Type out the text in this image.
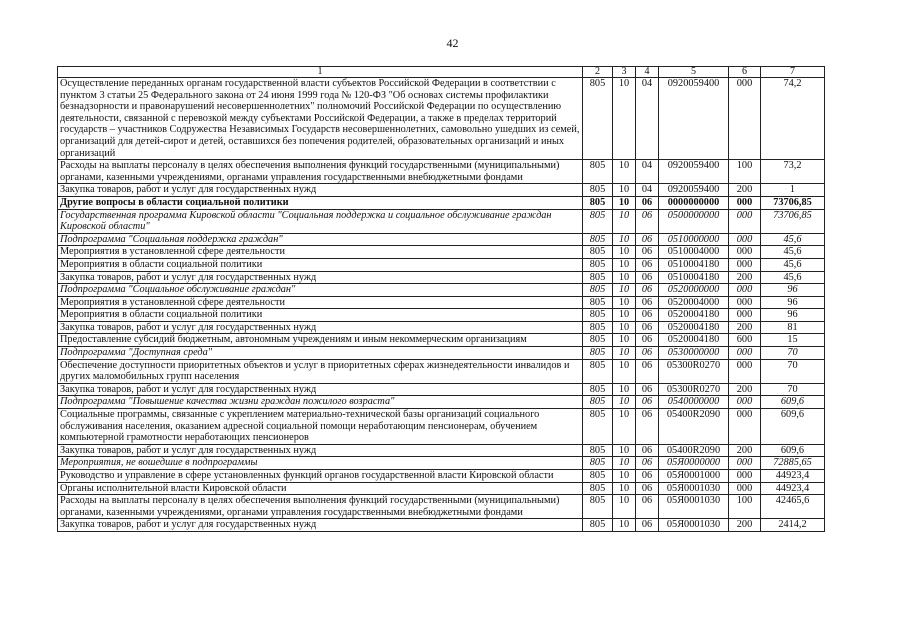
42
1	2	3	4	5	6	7
Осуществление переданных органам государственной власти субъектов Российской Федерации в соответствии с пунктом 3 статьи 25 Федерального закона от 24 июня 1999 года № 120-ФЗ "Об основах системы профилактики безнадзорности и правонарушений несовершеннолетних" полномочий Российской Федерации по осуществлению деятельности, связанной с перевозкой между субъектами Российской Федерации, а также в пределах территорий государств – участников Содружества Независимых Государств несовершеннолетних, самовольно ушедших из семей, организаций для детей-сирот и детей, оставшихся без попечения родителей, образовательных организаций и иных организаций	805	10	04	0920059400	000	74,2
Расходы на выплаты персоналу в целях обеспечения выполнения функций государственными (муниципальными) органами, казенными учреждениями, органами управления государственными внебюджетными фондами	805	10	04	0920059400	100	73,2
Закупка товаров, работ и услуг для государственных нужд	805	10	04	0920059400	200	1
Другие вопросы в области социальной политики	805	10	06	0000000000	000	73706,85
Государственная программа Кировской области "Социальная поддержка и социальное обслуживание граждан Кировской области"	805	10	06	0500000000	000	73706,85
Подпрограмма "Социальная поддержка граждан"	805	10	06	0510000000	000	45,6
Мероприятия в установленной сфере деятельности	805	10	06	0510004000	000	45,6
Мероприятия в области социальной политики	805	10	06	0510004180	000	45,6
Закупка товаров, работ и услуг для государственных нужд	805	10	06	0510004180	200	45,6
Подпрограмма "Социальное обслуживание граждан"	805	10	06	0520000000	000	96
Мероприятия в установленной сфере деятельности	805	10	06	0520004000	000	96
Мероприятия в области социальной политики	805	10	06	0520004180	000	96
Закупка товаров, работ и услуг для государственных нужд	805	10	06	0520004180	200	81
Предоставление субсидий бюджетным, автономным учреждениям и иным некоммерческим организациям	805	10	06	0520004180	600	15
Подпрограмма "Доступная среда"	805	10	06	0530000000	000	70
Обеспечение доступности приоритетных объектов и услуг в приоритетных сферах жизнедеятельности инвалидов и других маломобильных групп населения	805	10	06	05300R0270	000	70
Закупка товаров, работ и услуг для государственных нужд	805	10	06	05300R0270	200	70
Подпрограмма "Повышение качества жизни граждан пожилого возраста"	805	10	06	0540000000	000	609,6
Социальные программы, связанные с укреплением материально-технической базы организаций социального обслуживания населения, оказанием адресной социальной помощи неработающим пенсионерам, обучением компьютерной грамотности неработающих пенсионеров	805	10	06	05400R2090	000	609,6
Закупка товаров, работ и услуг для государственных нужд	805	10	06	05400R2090	200	609,6
Мероприятия, не вошедшие в подпрограммы	805	10	06	05Я0000000	000	72885,65
Руководство и управление в сфере установленных функций органов государственной власти Кировской области	805	10	06	05Я0001000	000	44923,4
Органы исполнительной власти Кировской области	805	10	06	05Я0001030	000	44923,4
Расходы на выплаты персоналу в целях обеспечения выполнения функций государственными (муниципальными) органами, казенными учреждениями, органами управления государственными внебюджетными фондами	805	10	06	05Я0001030	100	42465,6
Закупка товаров, работ и услуг для государственных нужд	805	10	06	05Я0001030	200	2414,2
